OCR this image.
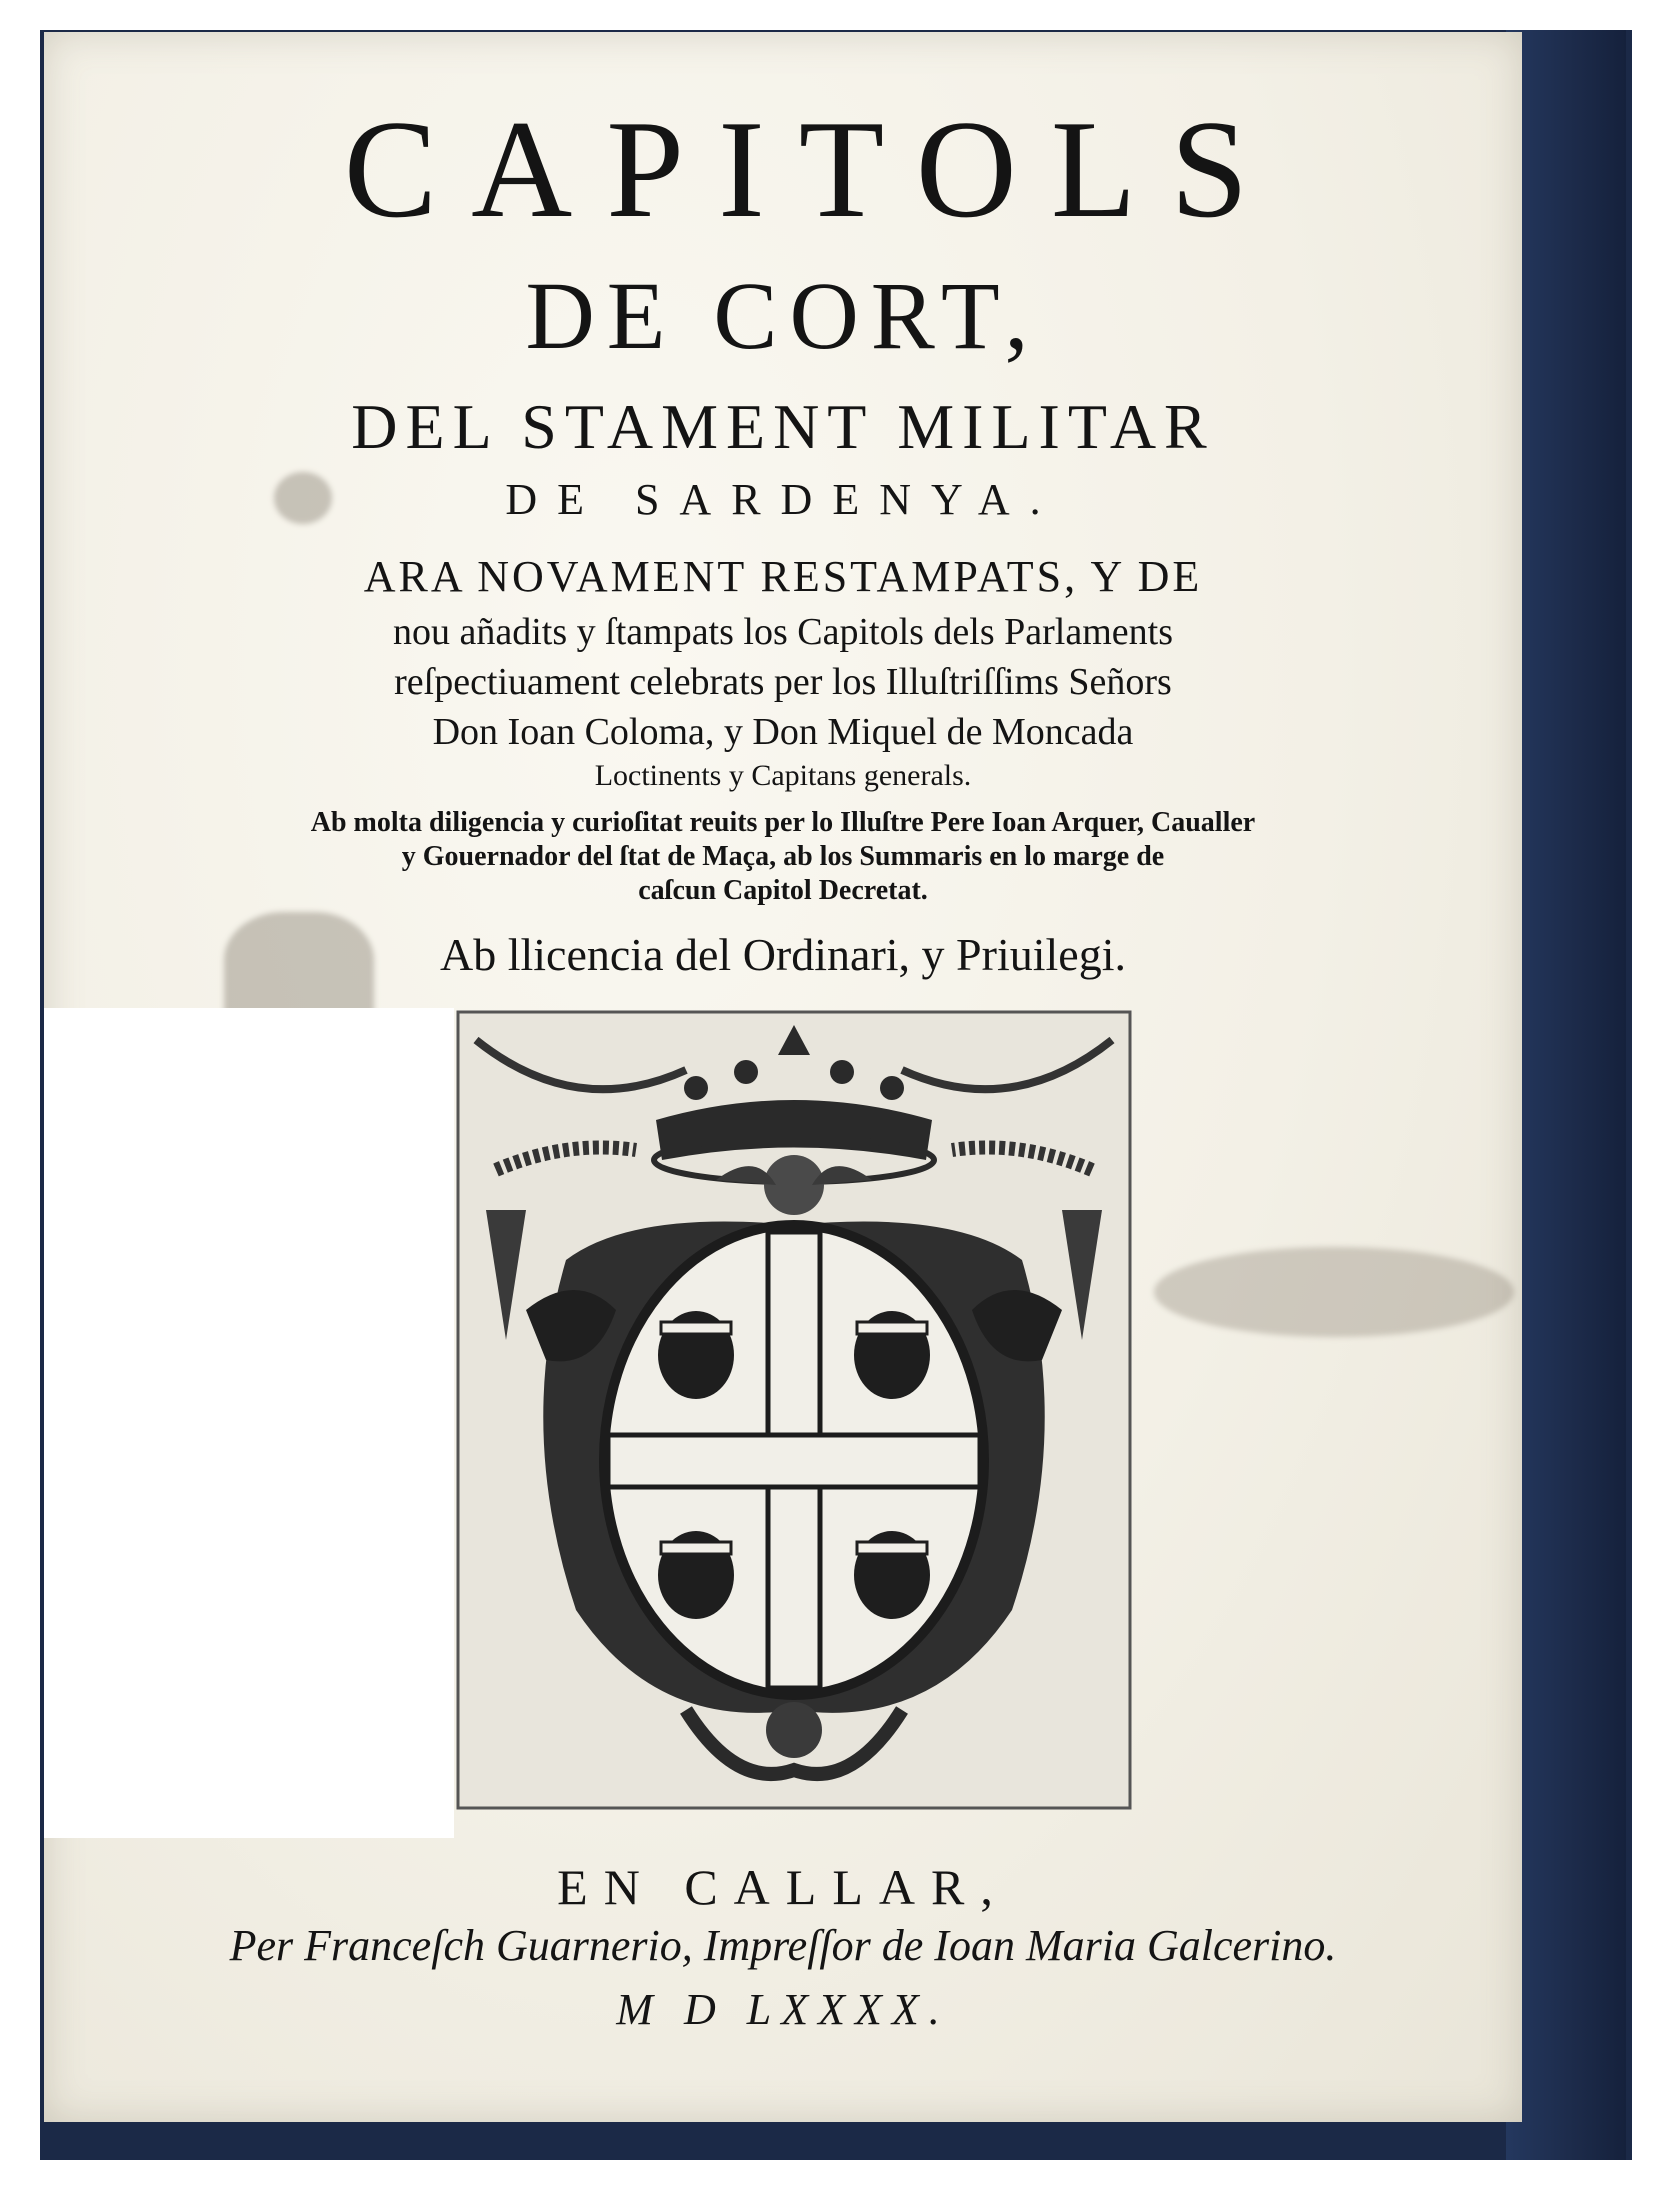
CAPITOLS
DE CORT,
DEL STAMENT MILITAR
DE SARDENYA.
ARA NOVAMENT RESTAMPATS, Y DE
nou añadits y ſtampats los Capitols dels Parlaments
reſpectiuament celebrats per los Illuſtriſſims Señors
Don Ioan Coloma, y Don Miquel de Moncada
Loctinents y Capitans generals.
Ab molta diligencia y curioſitat reuits per lo Illuſtre Pere Ioan Arquer, Caualler
y Gouernador del ſtat de Maça, ab los Summaris en lo marge de
caſcun Capitol Decretat.
Ab llicencia del Ordinari, y Priuilegi.
EN CALLAR,
Per Franceſch Guarnerio, Impreſſor de Ioan Maria Galcerino.
M D LXXXX.
